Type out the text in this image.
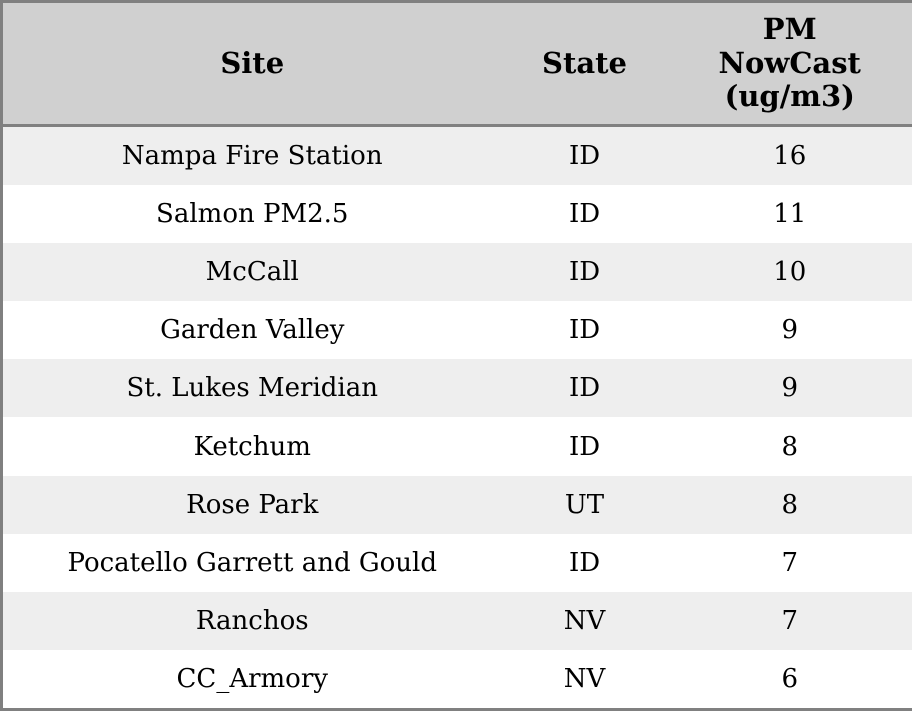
Site	State	PM NowCast (ug/m3)
Nampa Fire Station	ID	16
Salmon PM2.5	ID	11
McCall	ID	10
Garden Valley	ID	9
St. Lukes Meridian	ID	9
Ketchum	ID	8
Rose Park	UT	8
Pocatello Garrett and Gould	ID	7
Ranchos	NV	7
CC_Armory	NV	6
